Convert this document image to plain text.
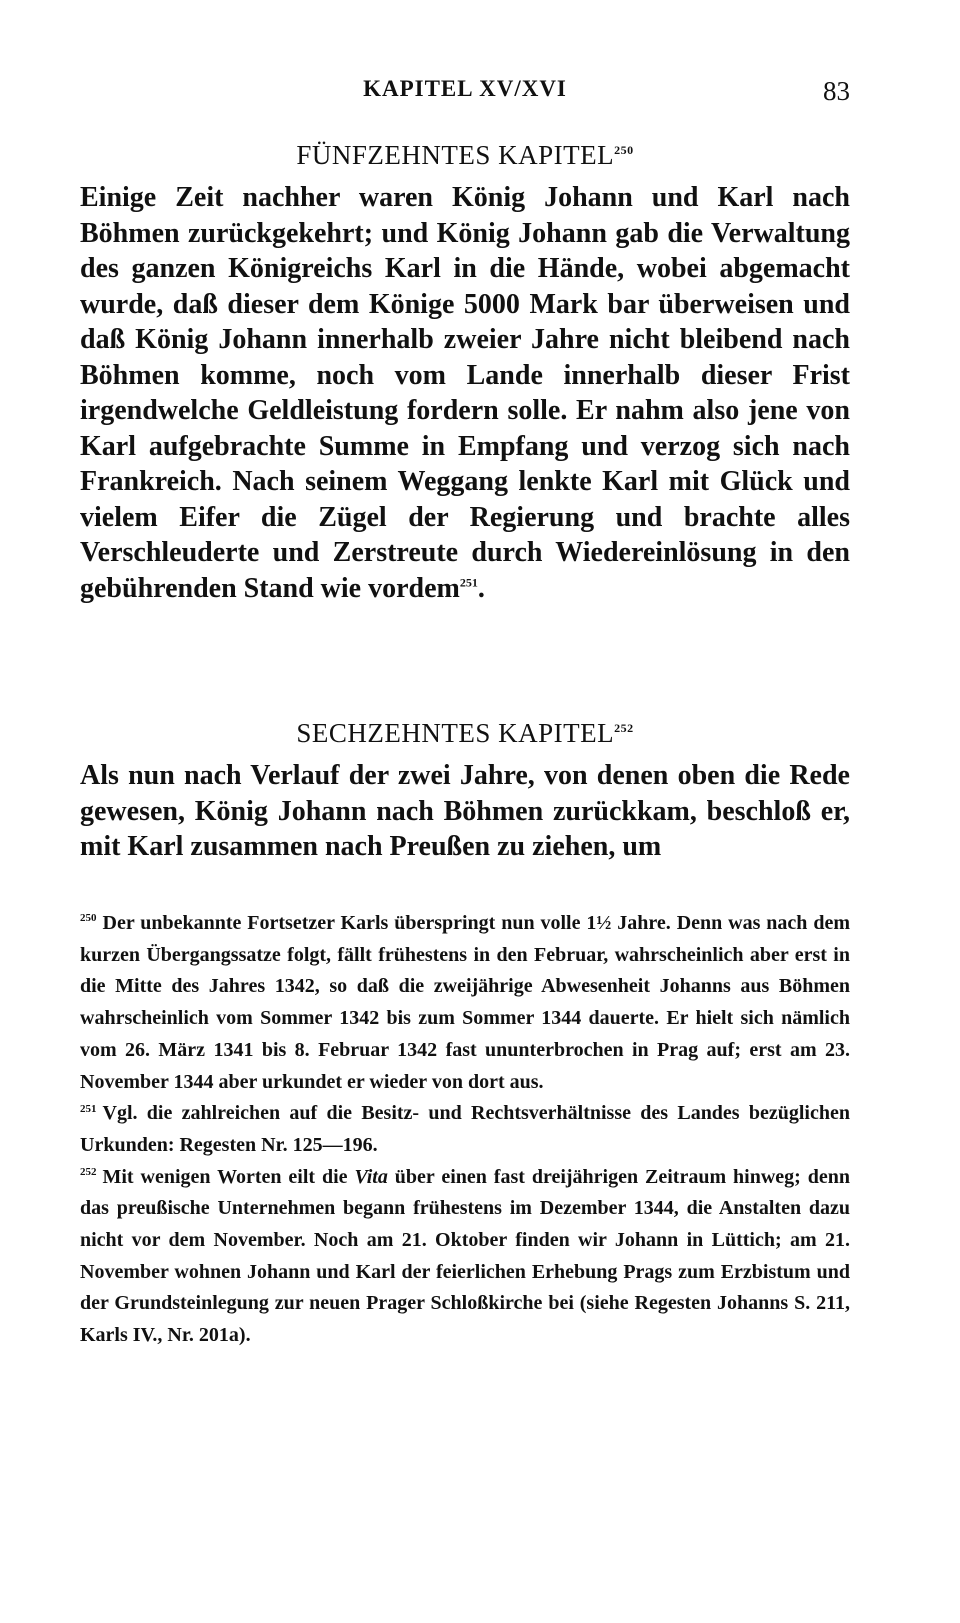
KAPITEL XV/XVI	83
FÜNFZEHNTES KAPITEL$^{250}$

Einige Zeit nachher waren König Johann und Karl nach Böhmen zurückgekehrt; und König Johann gab die Verwaltung des ganzen Königreichs Karl in die Hände, wobei abgemacht wurde, daß dieser dem Könige 5000 Mark bar überweisen und daß König Johann innerhalb zweier Jahre nicht bleibend nach Böhmen komme, noch vom Lande innerhalb dieser Frist irgendwelche Geldleistung fordern solle. Er nahm also jene von Karl aufgebrachte Summe in Empfang und verzog sich nach Frankreich. Nach seinem Weggang lenkte Karl mit Glück und vielem Eifer die Zügel der Regierung und brachte alles Verschleuderte und Zerstreute durch Wiedereinlösung in den gebührenden Stand wie vordem$^{251}$.

SECHZEHNTES KAPITEL$^{252}$

Als nun nach Verlauf der zwei Jahre, von denen oben die Rede gewesen, König Johann nach Böhmen zurückkam, beschloß er, mit Karl zusammen nach Preußen zu ziehen, um

$^{250}$ Der unbekannte Fortsetzer Karls überspringt nun volle 1½ Jahre. Denn was nach dem kurzen Übergangssatze folgt, fällt frühestens in den Februar, wahrscheinlich aber erst in die Mitte des Jahres 1342, so daß die zweijährige Abwesenheit Johanns aus Böhmen wahrscheinlich vom Sommer 1342 bis zum Sommer 1344 dauerte. Er hielt sich nämlich vom 26. März 1341 bis 8. Februar 1342 fast ununterbrochen in Prag auf; erst am 23. November 1344 aber urkundet er wieder von dort aus.

$^{251}$ Vgl. die zahlreichen auf die Besitz- und Rechtsverhältnisse des Landes bezüglichen Urkunden: Regesten Nr. 125—196.

$^{252}$ Mit wenigen Worten eilt die Vita über einen fast dreijährigen Zeitraum hinweg; denn das preußische Unternehmen begann frühestens im Dezember 1344, die Anstalten dazu nicht vor dem November. Noch am 21. Oktober finden wir Johann in Lüttich; am 21. November wohnen Johann und Karl der feierlichen Erhebung Prags zum Erzbistum und der Grundsteinlegung zur neuen Prager Schloßkirche bei (siehe Regesten Johanns S. 211, Karls IV., Nr. 201a).
